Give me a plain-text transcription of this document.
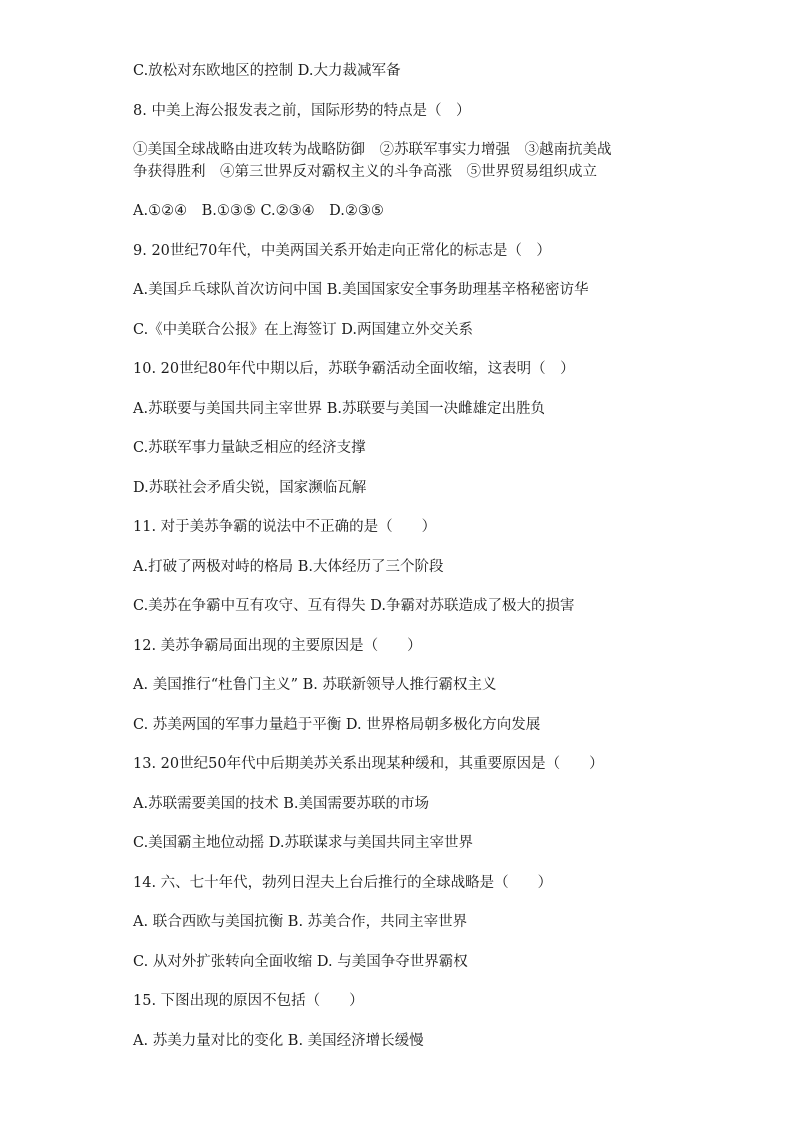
C.放松对东欧地区的控制 D.大力裁减军备
8. 中美上海公报发表之前，国际形势的特点是（　）
①美国全球战略由进攻转为战略防御　②苏联军事实力增强　③越南抗美战
争获得胜利　④第三世界反对霸权主义的斗争高涨　⑤世界贸易组织成立
A.①②④　B.①③⑤ C.②③④　D.②③⑤
9. 20世纪70年代，中美两国关系开始走向正常化的标志是（　）
A.美国乒乓球队首次访问中国 B.美国国家安全事务助理基辛格秘密访华
C.《中美联合公报》在上海签订 D.两国建立外交关系
10. 20世纪80年代中期以后，苏联争霸活动全面收缩，这表明（　）
A.苏联要与美国共同主宰世界 B.苏联要与美国一决雌雄定出胜负
C.苏联军事力量缺乏相应的经济支撑
D.苏联社会矛盾尖锐，国家濒临瓦解
11. 对于美苏争霸的说法中不正确的是（　　）
A.打破了两极对峙的格局 B.大体经历了三个阶段
C.美苏在争霸中互有攻守、互有得失 D.争霸对苏联造成了极大的损害
12. 美苏争霸局面出现的主要原因是（　　）
A. 美国推行“杜鲁门主义” B. 苏联新领导人推行霸权主义
C. 苏美两国的军事力量趋于平衡 D. 世界格局朝多极化方向发展
13. 20世纪50年代中后期美苏关系出现某种缓和，其重要原因是（　　）
A.苏联需要美国的技术 B.美国需要苏联的市场
C.美国霸主地位动摇 D.苏联谋求与美国共同主宰世界
14. 六、七十年代，勃列日涅夫上台后推行的全球战略是（　　）
A. 联合西欧与美国抗衡 B. 苏美合作，共同主宰世界
C. 从对外扩张转向全面收缩 D. 与美国争夺世界霸权
15. 下图出现的原因不包括（　　）
A. 苏美力量对比的变化 B. 美国经济增长缓慢
